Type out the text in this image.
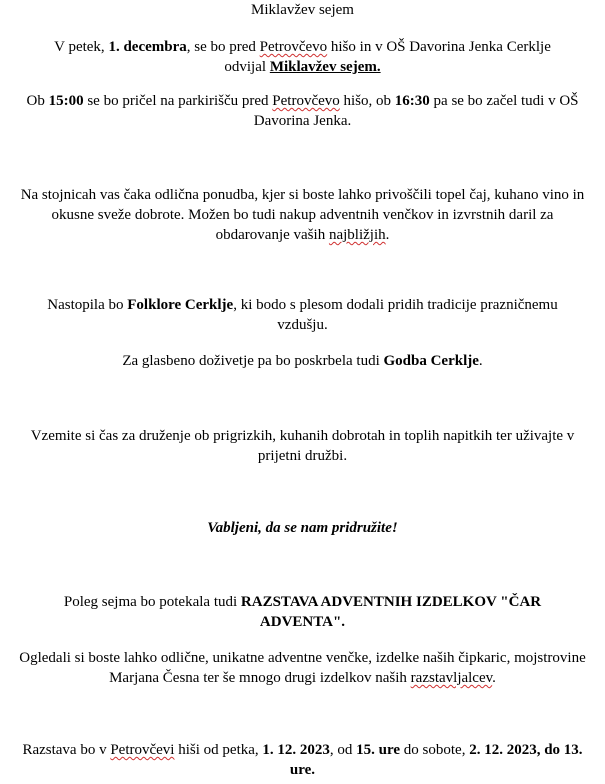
Miklavžev sejem

V petek, 1. decembra, se bo pred Petrovčevo hišo in v OŠ Davorina Jenka Cerklje
odvijal Miklavžev sejem.

Ob 15:00 se bo pričel na parkirišču pred Petrovčevo hišo, ob 16:30 pa se bo začel tudi v OŠ
Davorina Jenka.

Na stojnicah vas čaka odlična ponudba, kjer si boste lahko privoščili topel čaj, kuhano vino in
okusne sveže dobrote. Možen bo tudi nakup adventnih venčkov in izvrstnih daril za
obdarovanje vaših najbližjih.

Nastopila bo Folklore Cerklje, ki bodo s plesom dodali pridih tradicije prazničnemu
vzdušju.

Za glasbeno doživetje pa bo poskrbela tudi Godba Cerklje.

Vzemite si čas za druženje ob prigrizkih, kuhanih dobrotah in toplih napitkih ter uživajte v
prijetni družbi.

Vabljeni, da se nam pridružite!

Poleg sejma bo potekala tudi RAZSTAVA ADVENTNIH IZDELKOV "ČAR
ADVENTA".

Ogledali si boste lahko odlične, unikatne adventne venčke, izdelke naših čipkaric, mojstrovine
Marjana Česna ter še mnogo drugi izdelkov naših razstavljalcev.

Razstava bo v Petrovčevi hiši od petka, 1. 12. 2023, od 15. ure do sobote, 2. 12. 2023, do 13.
ure.
